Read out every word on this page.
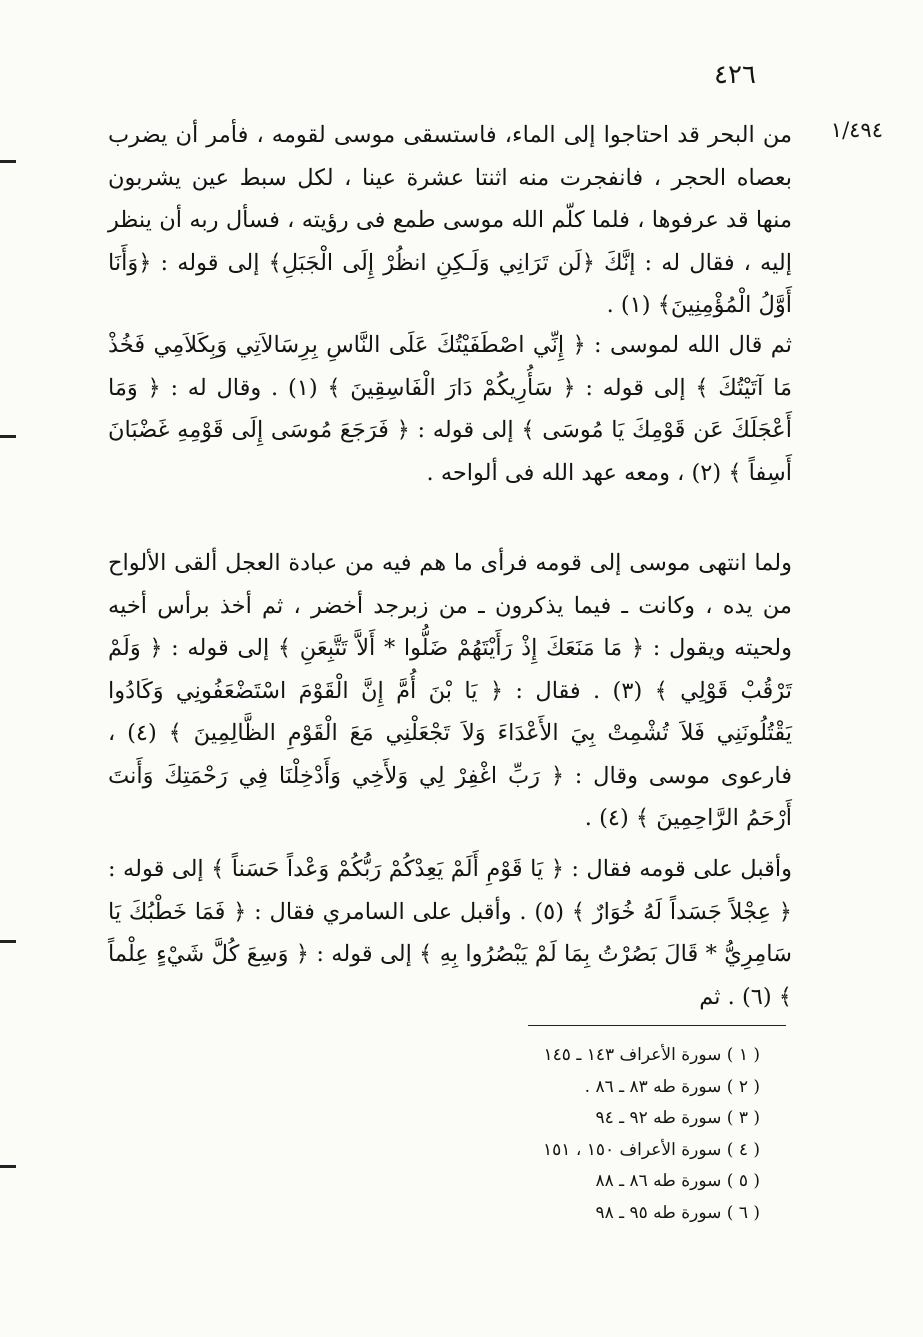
٤٢٦
١/٤٩٤

من البحر قد احتاجوا إلى الماء، فاستسقى موسى لقومه ، فأمر أن يضرب بعصاه الحجر ، فانفجرت منه اثنتا عشرة عينا ، لكل سبط عين يشربون منها قد عرفوها ، فلما كلّم الله موسى طمع فى رؤيته ، فسأل ربه أن ينظر إليه ، فقال له : إنَّكَ ﴿لَن تَرَانِي وَلَـكِنِ انظُرْ إِلَى الْجَبَلِ﴾ إلى قوله : ﴿وَأَنَا أَوَّلُ الْمُؤْمِنِينَ﴾ (١) .

ثم قال الله لموسى : ﴿ إِنِّي اصْطَفَيْتُكَ عَلَى النَّاسِ بِرِسَالاَتِي وَبِكَلاَمِي فَخُذْ مَا آتَيْتُكَ ﴾ إلى قوله : ﴿ سَأُرِيكُمْ دَارَ الْفَاسِقِينَ ﴾ (١) . وقال له : ﴿ وَمَا أَعْجَلَكَ عَن قَوْمِكَ يَا مُوسَى ﴾ إلى قوله : ﴿ فَرَجَعَ مُوسَى إِلَى قَوْمِهِ غَضْبَانَ أَسِفاً ﴾ (٢) ، ومعه عهد الله فى ألواحه .

ولما انتهى موسى إلى قومه فرأى ما هم فيه من عبادة العجل ألقى الألواح من يده ، وكانت ـ فيما يذكرون ـ من زبرجد أخضر ، ثم أخذ برأس أخيه ولحيته ويقول : ﴿ مَا مَنَعَكَ إِذْ رَأَيْتَهُمْ ضَلُّوا * أَلاَّ تَتَّبِعَنِ ﴾ إلى قوله : ﴿ وَلَمْ تَرْقُبْ قَوْلِي ﴾ (٣) . فقال : ﴿ يَا بْنَ أُمَّ إِنَّ الْقَوْمَ اسْتَضْعَفُونِي وَكَادُوا يَقْتُلُونَنِي فَلاَ تُشْمِتْ بِيَ الأَعْدَاءَ وَلاَ تَجْعَلْنِي مَعَ الْقَوْمِ الظَّالِمِينَ ﴾ (٤) ، فارعوى موسى وقال : ﴿ رَبِّ اغْفِرْ لِي وَلأَخِي وَأَدْخِلْنَا فِي رَحْمَتِكَ وَأَنتَ أَرْحَمُ الرَّاحِمِينَ ﴾ (٤) .

وأقبل على قومه فقال : ﴿ يَا قَوْمِ أَلَمْ يَعِدْكُمْ رَبُّكُمْ وَعْداً حَسَناً ﴾ إلى قوله : ﴿ عِجْلاً جَسَداً لَهُ خُوَارٌ ﴾ (٥) . وأقبل على السامري فقال : ﴿ فَمَا خَطْبُكَ يَا سَامِرِيُّ * قَالَ بَصُرْتُ بِمَا لَمْ يَبْصُرُوا بِهِ ﴾ إلى قوله : ﴿ وَسِعَ كُلَّ شَيْءٍ عِلْماً ﴾ (٦) . ثم

( ١ ) سورة الأعراف ١٤٣ ـ ١٤٥
( ٢ ) سورة طه ٨٣ ـ ٨٦ .
( ٣ ) سورة طه ٩٢ ـ ٩٤
( ٤ ) سورة الأعراف ١٥٠ ، ١٥١
( ٥ ) سورة طه ٨٦ ـ ٨٨
( ٦ ) سورة طه ٩٥ ـ ٩٨
